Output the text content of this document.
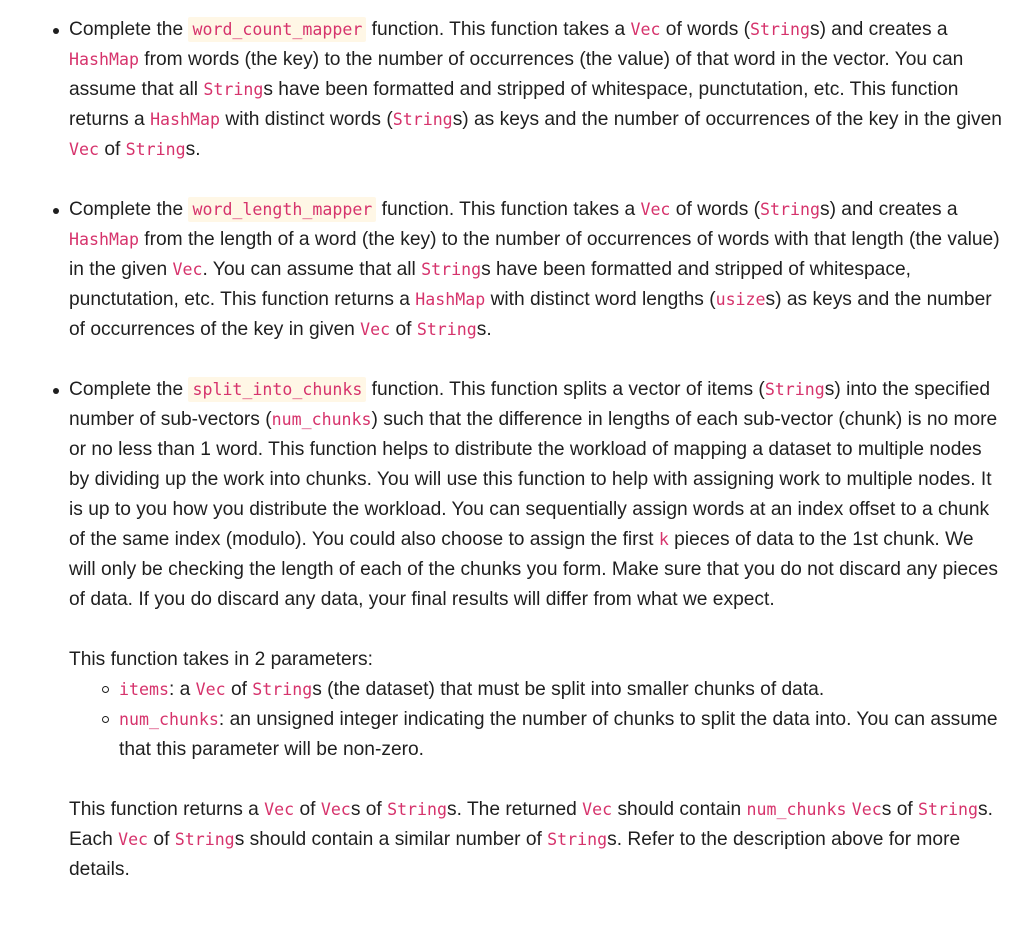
Complete the word_count_mapper function. This function takes a Vec of words (Strings) and creates a HashMap from words (the key) to the number of occurrences (the value) of that word in the vector. You can assume that all Strings have been formatted and stripped of whitespace, punctutation, etc. This function returns a HashMap with distinct words (Strings) as keys and the number of occurrences of the key in the given Vec of Strings.

Complete the word_length_mapper function. This function takes a Vec of words (Strings) and creates a HashMap from the length of a word (the key) to the number of occurrences of words with that length (the value) in the given Vec. You can assume that all Strings have been formatted and stripped of whitespace, punctutation, etc. This function returns a HashMap with distinct word lengths (usizes) as keys and the number of occurrences of the key in given Vec of Strings.

Complete the split_into_chunks function. This function splits a vector of items (Strings) into the specified number of sub-vectors (num_chunks) such that the difference in lengths of each sub-vector (chunk) is no more or no less than 1 word. This function helps to distribute the workload of mapping a dataset to multiple nodes by dividing up the work into chunks. You will use this function to help with assigning work to multiple nodes. It is up to you how you distribute the workload. You can sequentially assign words at an index offset to a chunk of the same index (modulo). You could also choose to assign the first k pieces of data to the 1st chunk. We will only be checking the length of each of the chunks you form. Make sure that you do not discard any pieces of data. If you do discard any data, your final results will differ from what we expect.

This function takes in 2 parameters:

items: a Vec of Strings (the dataset) that must be split into smaller chunks of data.
num_chunks: an unsigned integer indicating the number of chunks to split the data into. You can assume that this parameter will be non-zero.

This function returns a Vec of Vecs of Strings. The returned Vec should contain num_chunks Vecs of Strings. Each Vec of Strings should contain a similar number of Strings. Refer to the description above for more details.
